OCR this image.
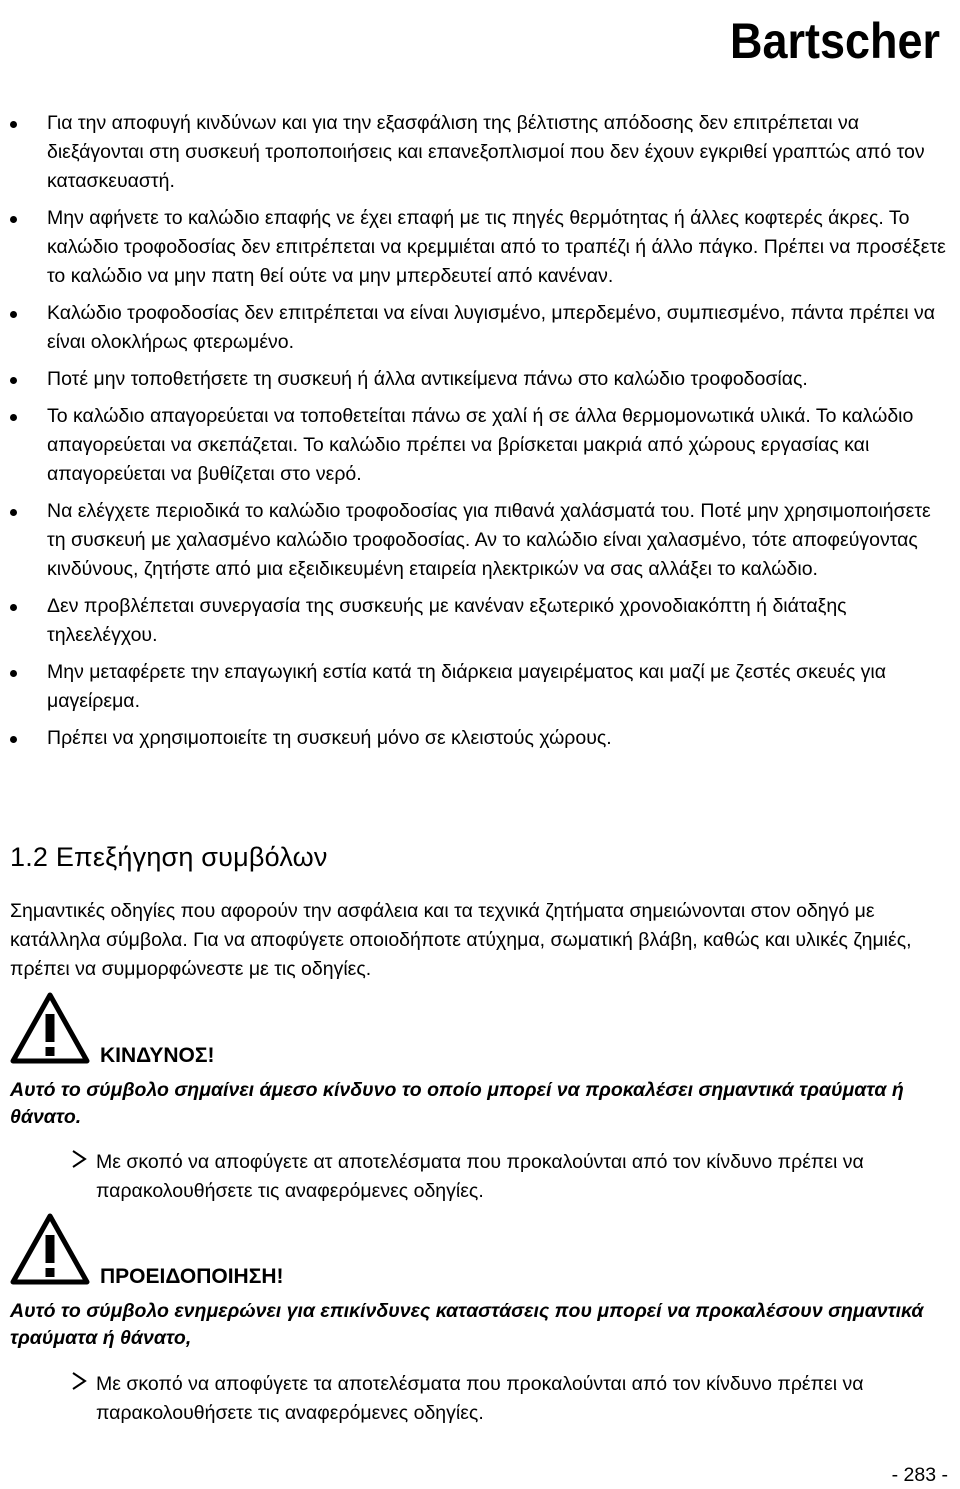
Bartscher
Για την αποφυγή κινδύνων και για την εξασφάλιση της βέλτιστης απόδοσης δεν επιτρέπεται να διεξάγονται στη συσκευή τροποποιήσεις και επανεξοπλισμοί που δεν έχουν εγκριθεί γραπτώς από τον κατασκευαστή.
Μην αφήνετε το καλώδιο επαφής νε έχει επαφή με τις πηγές θερμότητας ή άλλες κοφτερές άκρες. Το καλώδιο τροφοδοσίας δεν επιτρέπεται να κρεμμιέται από το τραπέζι ή άλλο πάγκο. Πρέπει να προσέξετε το καλώδιο να μην πατη θεί ούτε να μην μπερδευτεί από κανέναν.
Καλώδιο τροφοδοσίας δεν επιτρέπεται να είναι λυγισμένο, μπερδεμένο, συμπιεσμένο, πάντα πρέπει να είναι ολοκλήρως φτερωμένο.
Ποτέ μην τοποθετήσετε τη συσκευή ή άλλα αντικείμενα πάνω στο καλώδιο τροφοδοσίας.
Το καλώδιο απαγορεύεται να τοποθετείται πάνω σε χαλί ή σε άλλα θερμομονωτικά υλικά. Το καλώδιο απαγορεύεται να σκεπάζεται. Το καλώδιο πρέπει να βρίσκεται μακριά από χώρους εργασίας και απαγορεύεται να βυθίζεται στο νερό.
Να ελέγχετε περιοδικά το καλώδιο τροφοδοσίας για πιθανά χαλάσματά του. Ποτέ μην χρησιμοποιήσετε τη συσκευή με χαλασμένο καλώδιο τροφοδοσίας. Αν το καλώδιο είναι χαλασμένο, τότε αποφεύγοντας κινδύνους, ζητήστε από μια εξειδικευμένη εταιρεία ηλεκτρικών να σας αλλάξει το καλώδιο.
Δεν προβλέπεται συνεργασία της συσκευής με κανέναν εξωτερικό χρονοδιακόπτη ή διάταξης τηλεελέγχου.
Μην μεταφέρετε την επαγωγική εστία κατά τη διάρκεια μαγειρέματος και μαζί με ζεστές σκευές για μαγείρεμα.
Πρέπει να χρησιμοποιείτε τη συσκευή μόνο σε κλειστούς χώρους.
1.2 Επεξήγηση συμβόλων

Σημαντικές οδηγίες που αφορούν την ασφάλεια και τα τεχνικά ζητήματα σημειώνονται στον οδηγό με κατάλληλα σύμβολα. Για να αποφύγετε οποιοδήποτε ατύχημα, σωματική βλάβη, καθώς και υλικές ζημιές, πρέπει να συμμορφώνεστε με τις οδηγίες.

ΚΙΝΔΥΝΟΣ!
Αυτό το σύμβολο σημαίνει άμεσο κίνδυνο το οποίο μπορεί να προκαλέσει σημαντικά τραύματα ή θάνατο.
Με σκοπό να αποφύγετε ατ αποτελέσματα που προκαλούνται από τον κίνδυνο πρέπει να παρακολουθήσετε τις αναφερόμενες οδηγίες.
ΠΡΟΕΙΔΟΠΟΙΗΣΗ!
Αυτό το σύμβολο ενημερώνει για επικίνδυνες καταστάσεις που μπορεί να προκαλέσουν σημαντικά τραύματα ή θάνατο,
Με σκοπό να αποφύγετε τα αποτελέσματα που προκαλούνται από τον κίνδυνο πρέπει να παρακολουθήσετε τις αναφερόμενες οδηγίες.
- 283 -
